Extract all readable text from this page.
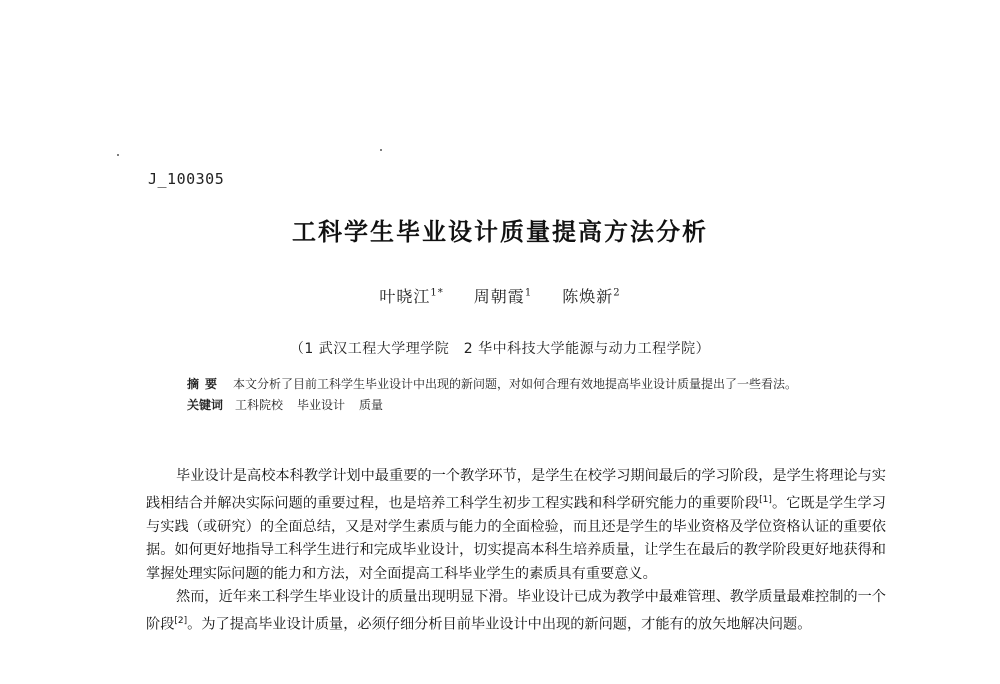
J_100305
工科学生毕业设计质量提高方法分析
叶晓江$^{1*}$ 周朝霞$^1$ 陈焕新$^2$
（1 武汉工程大学理学院　2 华中科技大学能源与动力工程学院）
摘要 本文分析了目前工科学生毕业设计中出现的新问题，对如何合理有效地提高毕业设计质量提出了一些看法。
关键词 工科院校 毕业设计 质量

毕业设计是高校本科教学计划中最重要的一个教学环节，是学生在校学习期间最后的学习阶段，是学生将理论与实践相结合并解决实际问题的重要过程，也是培养工科学生初步工程实践和科学研究能力的重要阶段[1]。它既是学生学习与实践（或研究）的全面总结，又是对学生素质与能力的全面检验，而且还是学生的毕业资格及学位资格认证的重要依据。如何更好地指导工科学生进行和完成毕业设计，切实提高本科生培养质量，让学生在最后的教学阶段更好地获得和掌握处理实际问题的能力和方法，对全面提高工科毕业学生的素质具有重要意义。

然而，近年来工科学生毕业设计的质量出现明显下滑。毕业设计已成为教学中最难管理、教学质量最难控制的一个阶段[2]。为了提高毕业设计质量，必须仔细分析目前毕业设计中出现的新问题，才能有的放矢地解决问题。
